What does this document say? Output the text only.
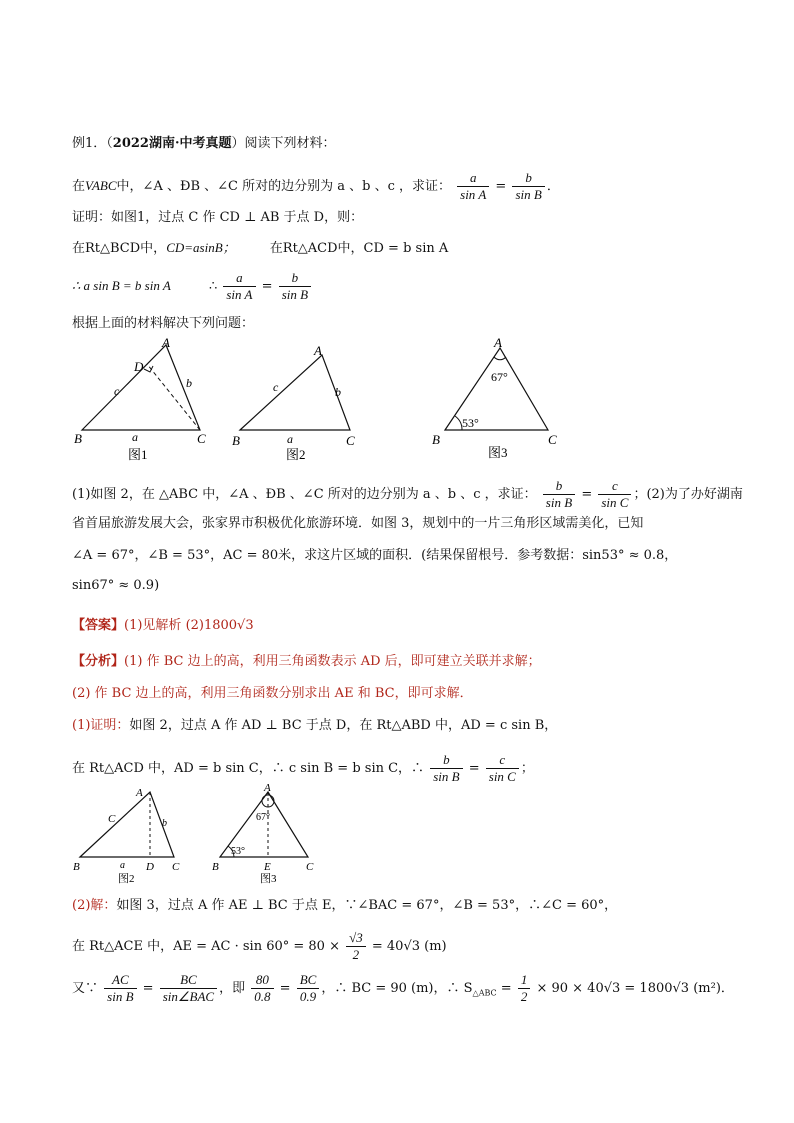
例1．（2022湖南·中考真题）阅读下列材料：
在VABC中，∠A 、ÐB 、∠C 所对的边分别为 a 、b 、c ，求证： $\frac{a}{\text{sin A}} = \frac{b}{\text{sin B}}$ ．
证明：如图1，过点 C 作 CD ⊥ AB 于点 D，则：
在Rt△BCD中，CD=asinB；	在Rt△ACD中，CD = b sin A
∴ a sin B = b sin A	∴ $\frac{a}{\text{sin A}} = \frac{b}{\text{sin B}}$
根据上面的材料解决下列问题：
A
B	C
D
a
b
c
图1
A
B	C
a
b
c
图2
A
B	C
67°
53°
图3
(1)如图 2，在 △ABC 中，∠A 、ÐB 、∠C 所对的边分别为 a 、b 、c ，求证： $\frac{b}{\text{sin B}} = \frac{c}{\text{sin C}}$ ；(2)为了办好湖南
省首届旅游发展大会，张家界市积极优化旅游环境．如图 3，规划中的一片三角形区域需美化，已知
∠A = 67°，∠B = 53°，AC = 80米，求这片区域的面积．(结果保留根号．参考数据：sin53° ≈ 0.8，
sin67° ≈ 0.9)
【答案】(1)见解析 (2)1800√3
【分析】(1) 作 BC 边上的高，利用三角函数表示 AD 后，即可建立关联并求解；
(2) 作 BC 边上的高，利用三角函数分别求出 AE 和 BC，即可求解．
(1)证明：如图 2，过点 A 作 AD ⊥ BC 于点 D，在 Rt△ABD 中，AD = c sin B，
在 Rt△ACD 中，AD = b sin C，∴ c sin B = b sin C，∴ $\frac{b}{\text{sin B}} = \frac{c}{\text{sin C}}$ ；
A
B	C
D
a
b
C
图2
A
B	C
E
67°
53°
图3
(2)解：如图 3，过点 A 作 AE ⊥ BC 于点 E，∵∠BAC = 67°，∠B = 53°，∴∠C = 60°，
在 Rt△ACE 中，AE = AC · $\sin 60^\circ = 80 \times \frac{√3}{2} = 40√3$ (m)
又∵ $\frac{AC}{\text{sin B}} = \frac{BC}{\text{sin∠BAC}}$ ，即 $\frac{80}{0.8} = \frac{BC}{0.9}$ ，∴ BC = 90 (m)，∴ $S_{\triangle ABC} = \frac{1}{2} \times 90 \times 40√3 = 1800√3$ (m²)．
